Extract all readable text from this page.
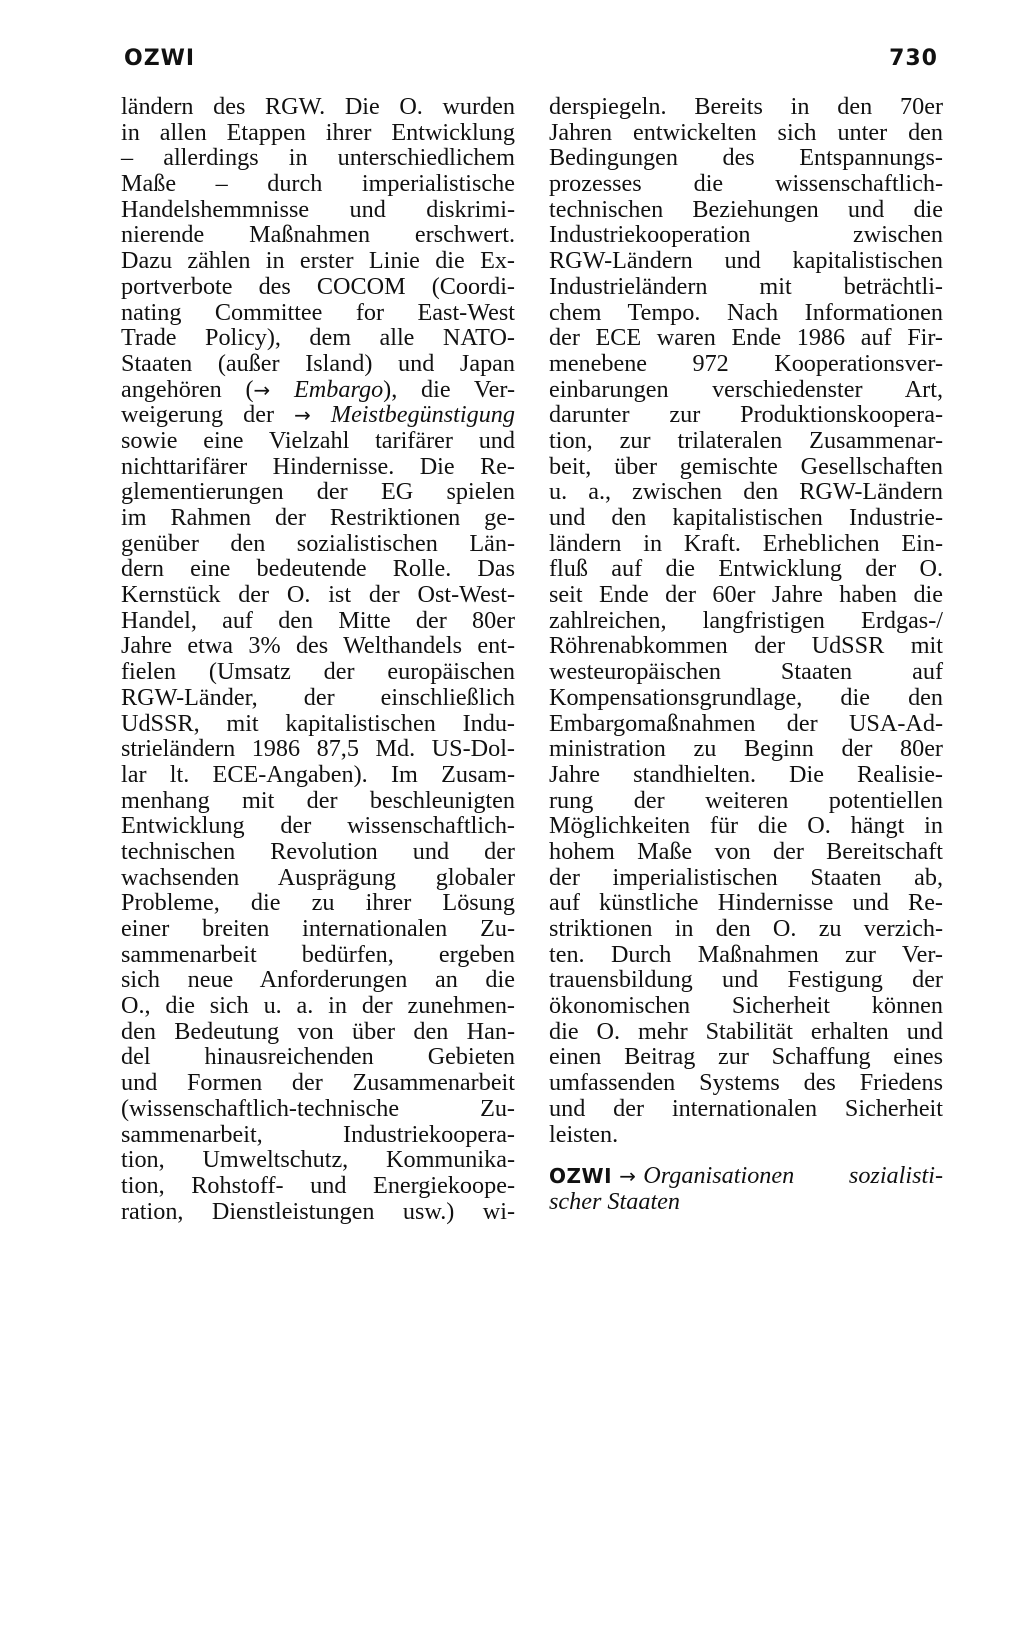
OZWI	730
ländern des RGW. Die O. wurden
in allen Etappen ihrer Entwicklung
– allerdings in unterschiedlichem
Maße – durch imperialistische
Handelshemmnisse und diskrimi-
nierende Maßnahmen erschwert.
Dazu zählen in erster Linie die Ex-
portverbote des COCOM (Coordi-
nating Committee for East-West
Trade Policy), dem alle NATO-
Staaten (außer Island) und Japan
angehören (→ Embargo), die Ver-
weigerung der → Meistbegünstigung
sowie eine Vielzahl tarifärer und
nichttarifärer Hindernisse. Die Re-
glementierungen der EG spielen
im Rahmen der Restriktionen ge-
genüber den sozialistischen Län-
dern eine bedeutende Rolle. Das
Kernstück der O. ist der Ost-West-
Handel, auf den Mitte der 80er
Jahre etwa 3% des Welthandels ent-
fielen (Umsatz der europäischen
RGW-Länder, der einschließlich
UdSSR, mit kapitalistischen Indu-
strieländern 1986 87,5 Md. US-Dol-
lar lt. ECE-Angaben). Im Zusam-
menhang mit der beschleunigten
Entwicklung der wissenschaftlich-
technischen Revolution und der
wachsenden Ausprägung globaler
Probleme, die zu ihrer Lösung
einer breiten internationalen Zu-
sammenarbeit bedürfen, ergeben
sich neue Anforderungen an die
O., die sich u. a. in der zunehmen-
den Bedeutung von über den Han-
del hinausreichenden Gebieten
und Formen der Zusammenarbeit
(wissenschaftlich-technische Zu-
sammenarbeit, Industriekoopera-
tion, Umweltschutz, Kommunika-
tion, Rohstoff- und Energiekoope-
ration, Dienstleistungen usw.) wi-
derspiegeln. Bereits in den 70er
Jahren entwickelten sich unter den
Bedingungen des Entspannungs-
prozesses die wissenschaftlich-
technischen Beziehungen und die
Industriekooperation zwischen
RGW-Ländern und kapitalistischen
Industrieländern mit beträchtli-
chem Tempo. Nach Informationen
der ECE waren Ende 1986 auf Fir-
menebene 972 Kooperationsver-
einbarungen verschiedenster Art,
darunter zur Produktionskoopera-
tion, zur trilateralen Zusammenar-
beit, über gemischte Gesellschaften
u. a., zwischen den RGW-Ländern
und den kapitalistischen Industrie-
ländern in Kraft. Erheblichen Ein-
fluß auf die Entwicklung der O.
seit Ende der 60er Jahre haben die
zahlreichen, langfristigen Erdgas-/
Röhrenabkommen der UdSSR mit
westeuropäischen Staaten auf
Kompensationsgrundlage, die den
Embargomaßnahmen der USA-Ad-
ministration zu Beginn der 80er
Jahre standhielten. Die Realisie-
rung der weiteren potentiellen
Möglichkeiten für die O. hängt in
hohem Maße von der Bereitschaft
der imperialistischen Staaten ab,
auf künstliche Hindernisse und Re-
striktionen in den O. zu verzich-
ten. Durch Maßnahmen zur Ver-
trauensbildung und Festigung der
ökonomischen Sicherheit können
die O. mehr Stabilität erhalten und
einen Beitrag zur Schaffung eines
umfassenden Systems des Friedens
und der internationalen Sicherheit
leisten.
OZWI → Organisationen sozialisti-
scher Staaten
